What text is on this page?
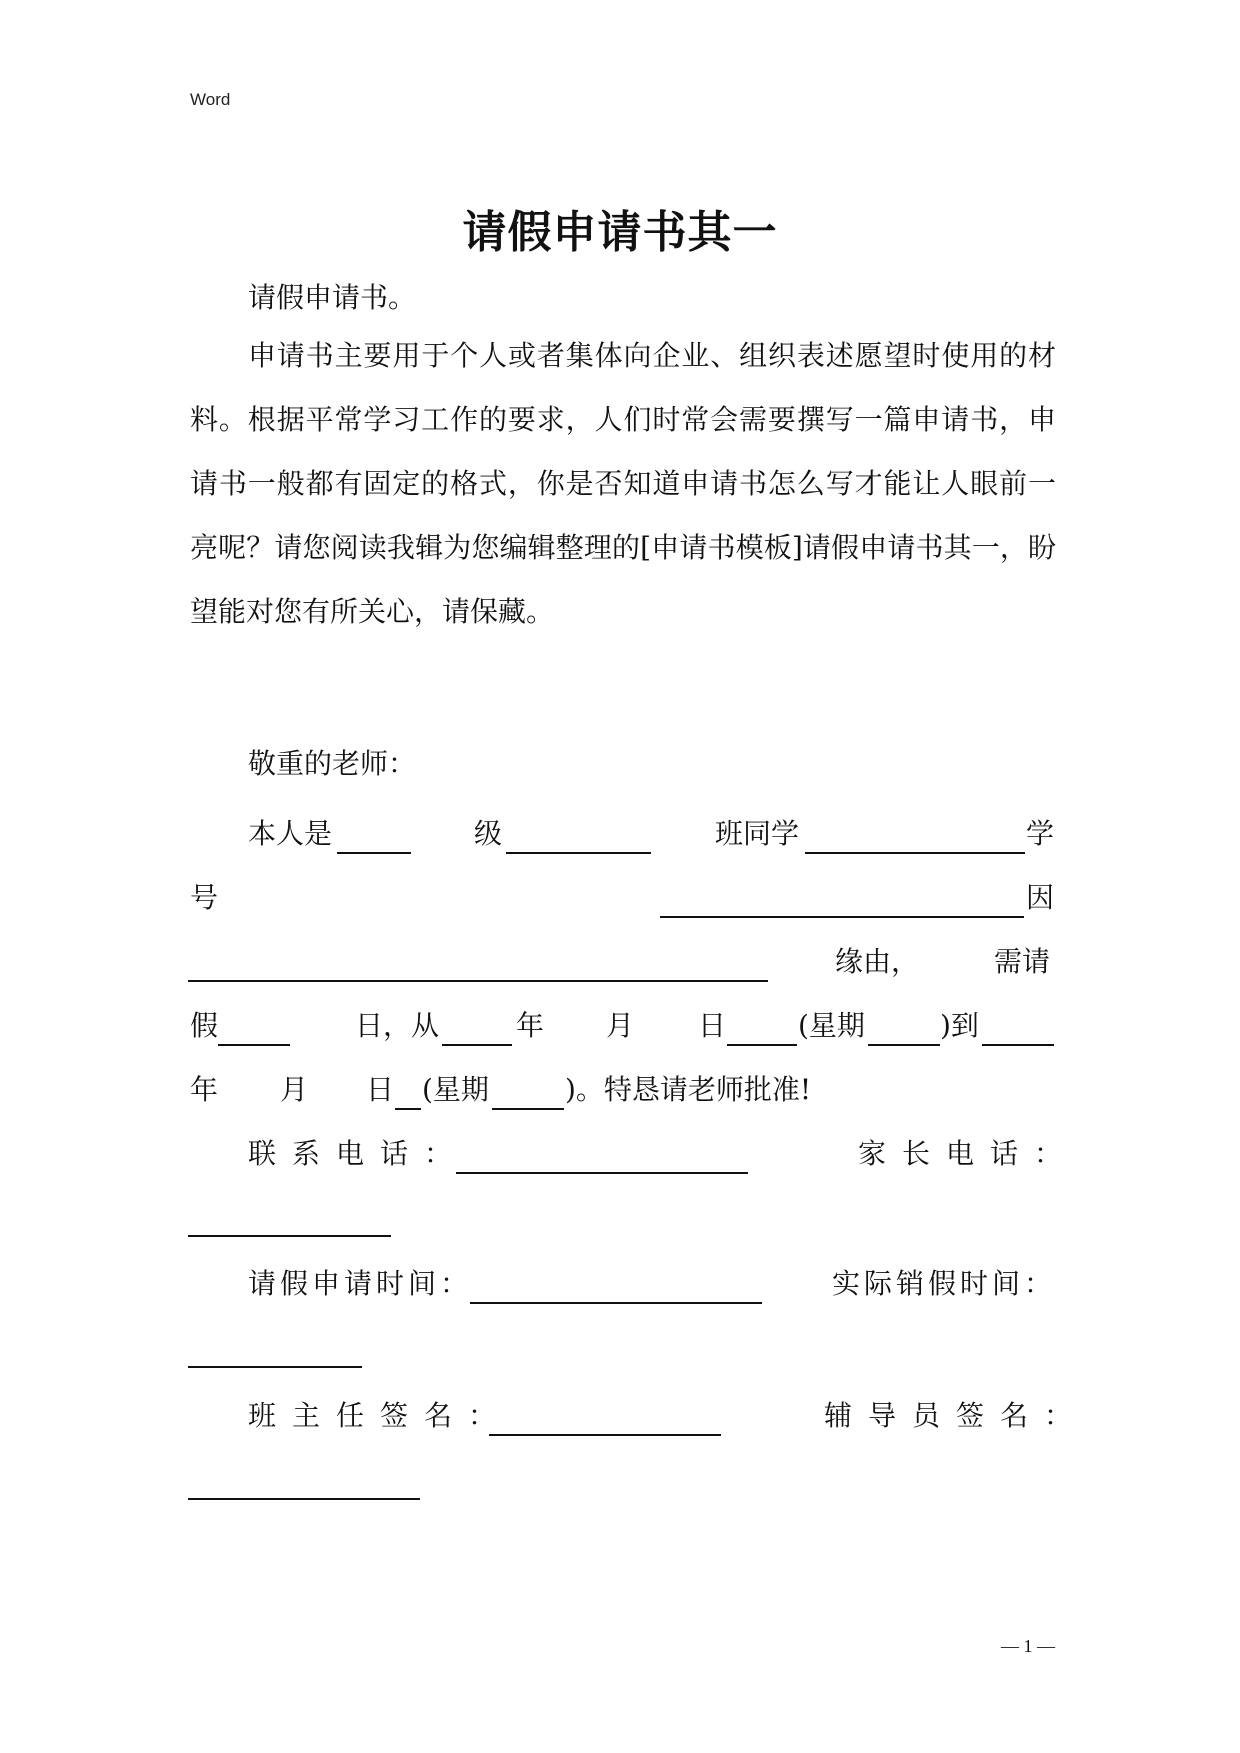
Word
请假申请书其一

请假申请书。

申请书主要用于个人或者集体向企业、组织表述愿望时使用的材料。根据平常学习工作的要求，人们时常会需要撰写一篇申请书，申请书一般都有固定的格式，你是否知道申请书怎么写才能让人眼前一亮呢？请您阅读我辑为您编辑整理的[申请书模板]请假申请书其一，盼望能对您有所关心，请保藏。

敬重的老师：

本人是	级	班同学	学
号	因
缘由，	需请
假	日，从	年 月 日	(星期	)到
年 月 日 (星期	)。特恳请老师批准!
联系电话：	家长电话：
请假申请时间：	实际销假时间：
班主任签名：	辅导员签名：
— 1 —
